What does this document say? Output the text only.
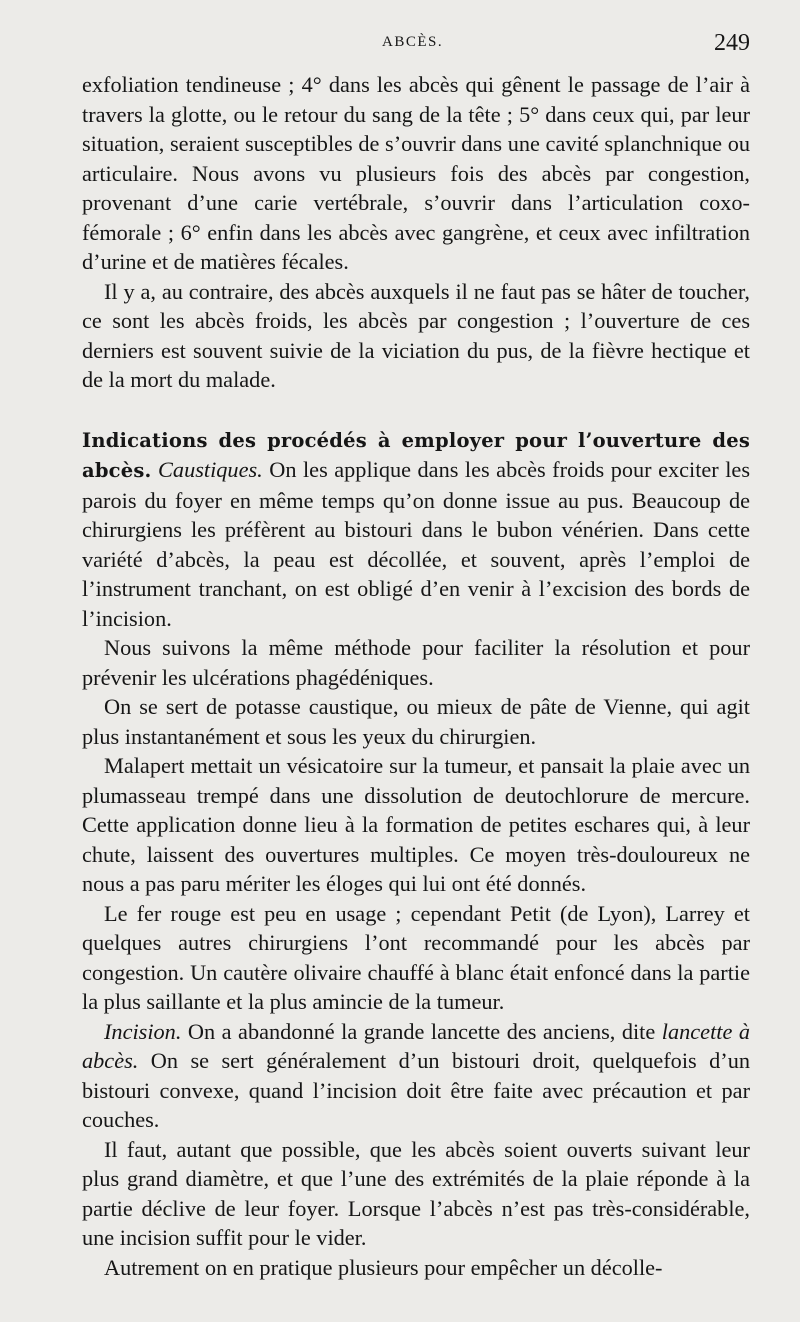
ABCÈS.	249

exfoliation tendineuse ; 4° dans les abcès qui gênent le passage de l’air à travers la glotte, ou le retour du sang de la tête ; 5° dans ceux qui, par leur situation, seraient susceptibles de s’ouvrir dans une cavité splanchnique ou articulaire. Nous avons vu plusieurs fois des abcès par congestion, provenant d’une carie vertébrale, s’ouvrir dans l’articulation coxo-fémorale ; 6° enfin dans les abcès avec gangrène, et ceux avec infiltration d’urine et de matières fécales.

Il y a, au contraire, des abcès auxquels il ne faut pas se hâter de toucher, ce sont les abcès froids, les abcès par congestion ; l’ouverture de ces derniers est souvent suivie de la viciation du pus, de la fièvre hectique et de la mort du malade.

Indications des procédés à employer pour l’ouverture des abcès. Caustiques. On les applique dans les abcès froids pour exciter les parois du foyer en même temps qu’on donne issue au pus. Beaucoup de chirurgiens les préfèrent au bistouri dans le bubon vénérien. Dans cette variété d’abcès, la peau est décollée, et souvent, après l’emploi de l’instrument tranchant, on est obligé d’en venir à l’excision des bords de l’incision.

Nous suivons la même méthode pour faciliter la résolution et pour prévenir les ulcérations phagédéniques.

On se sert de potasse caustique, ou mieux de pâte de Vienne, qui agit plus instantanément et sous les yeux du chirurgien.

Malapert mettait un vésicatoire sur la tumeur, et pansait la plaie avec un plumasseau trempé dans une dissolution de deutochlorure de mercure. Cette application donne lieu à la formation de petites eschares qui, à leur chute, laissent des ouvertures multiples. Ce moyen très-douloureux ne nous a pas paru mériter les éloges qui lui ont été donnés.

Le fer rouge est peu en usage ; cependant Petit (de Lyon), Larrey et quelques autres chirurgiens l’ont recommandé pour les abcès par congestion. Un cautère olivaire chauffé à blanc était enfoncé dans la partie la plus saillante et la plus amincie de la tumeur.

Incision. On a abandonné la grande lancette des anciens, dite lancette à abcès. On se sert généralement d’un bistouri droit, quelquefois d’un bistouri convexe, quand l’incision doit être faite avec précaution et par couches.

Il faut, autant que possible, que les abcès soient ouverts suivant leur plus grand diamètre, et que l’une des extrémités de la plaie réponde à la partie déclive de leur foyer. Lorsque l’abcès n’est pas très-considérable, une incision suffit pour le vider.

Autrement on en pratique plusieurs pour empêcher un décolle-
